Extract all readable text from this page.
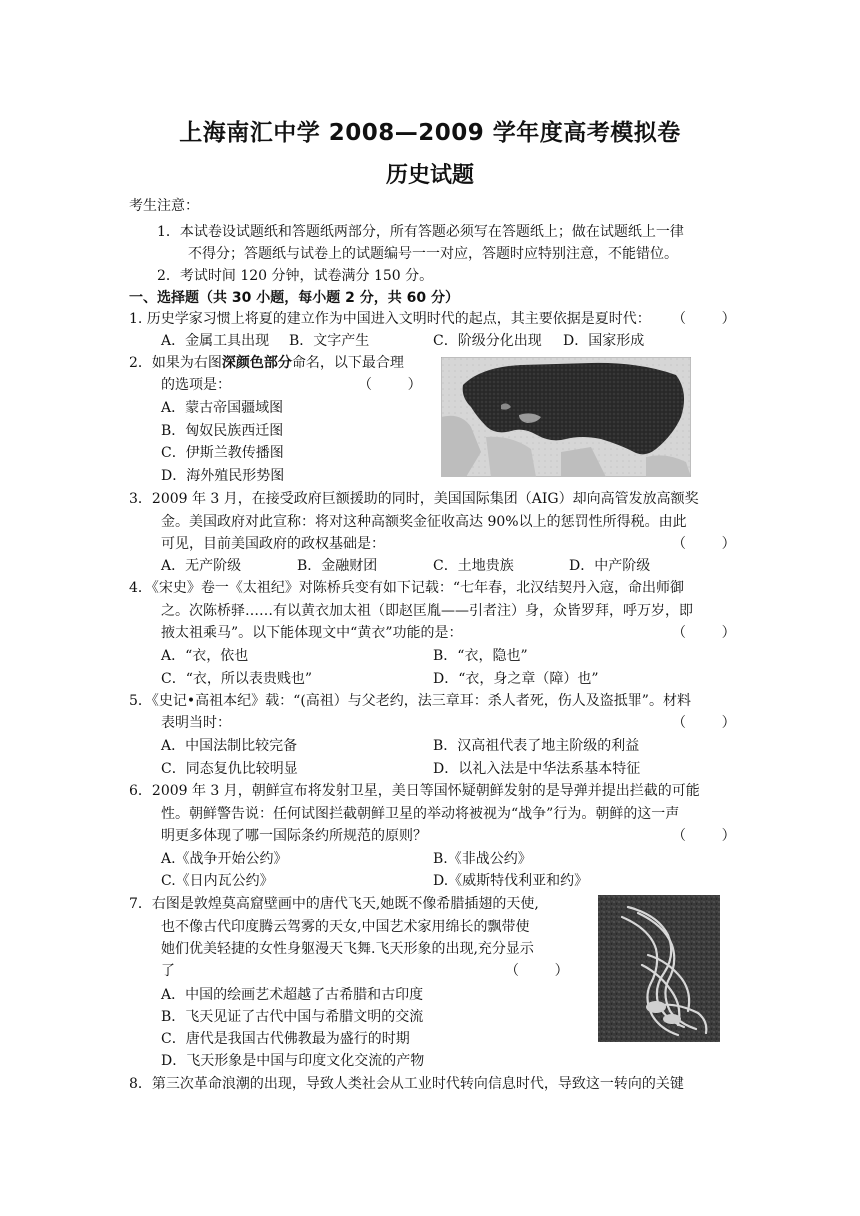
上海南汇中学 2008—2009 学年度高考模拟卷
历史试题
考生注意：
1．本试卷设试题纸和答题纸两部分，所有答题必须写在答题纸上；做在试题纸上一律
不得分；答题纸与试卷上的试题编号一一对应，答题时应特别注意，不能错位。
2．考试时间 120 分钟，试卷满分 150 分。
一、选择题（共 30 小题，每小题 2 分，共 60 分）
1. 历史学家习惯上将夏的建立作为中国进入文明时代的起点，其主要依据是夏时代： （        ）
A．金属工具出现 B．文字产生	C．阶级分化出现 D．国家形成
2．如果为右图深颜色部分命名，以下最合理
的选项是：	（        ）
A．蒙古帝国疆域图
B．匈奴民族西迁图
C．伊斯兰教传播图
D．海外殖民形势图
3．2009 年 3 月，在接受政府巨额援助的同时，美国国际集团（AIG）却向高管发放高额奖
金。美国政府对此宣称：将对这种高额奖金征收高达 90%以上的惩罚性所得税。由此
可见，目前美国政府的政权基础是：	（        ）
A．无产阶级	B．金融财团	C．土地贵族	D．中产阶级
4．《宋史》卷一《太祖纪》对陈桥兵变有如下记载：“七年春，北汉结契丹入寇，命出师御
之。次陈桥驿……有以黄衣加太祖（即赵匡胤——引者注）身，众皆罗拜，呼万岁，即
掖太祖乘马”。以下能体现文中“黄衣”功能的是：	（        ）
A．“衣，依也	B．“衣，隐也”
C．“衣，所以表贵贱也”	D．“衣，身之章（障）也”
5．《史记•高祖本纪》载：“(高祖）与父老约，法三章耳：杀人者死，伤人及盗抵罪”。材料
表明当时：	（        ）
A．中国法制比较完备	B．汉高祖代表了地主阶级的利益
C．同态复仇比较明显	D．以礼入法是中华法系基本特征
6．2009 年 3 月，朝鲜宣布将发射卫星，美日等国怀疑朝鲜发射的是导弹并提出拦截的可能
性。朝鲜警告说：任何试图拦截朝鲜卫星的举动将被视为“战争”行为。朝鲜的这一声
明更多体现了哪一国际条约所规范的原则？	（        ）
A.《战争开始公约》	B.《非战公约》
C.《日内瓦公约》	D.《威斯特伐利亚和约》
7．右图是敦煌莫高窟壁画中的唐代飞天,她既不像希腊插翅的天使,
也不像古代印度腾云驾雾的天女,中国艺术家用绵长的飘带使
她们优美轻捷的女性身躯漫天飞舞.飞天形象的出现,充分显示
了	（        ）
A．中国的绘画艺术超越了古希腊和古印度
B．飞天见证了古代中国与希腊文明的交流
C．唐代是我国古代佛教最为盛行的时期
D．飞天形象是中国与印度文化交流的产物
8．第三次革命浪潮的出现，导致人类社会从工业时代转向信息时代，导致这一转向的关键
